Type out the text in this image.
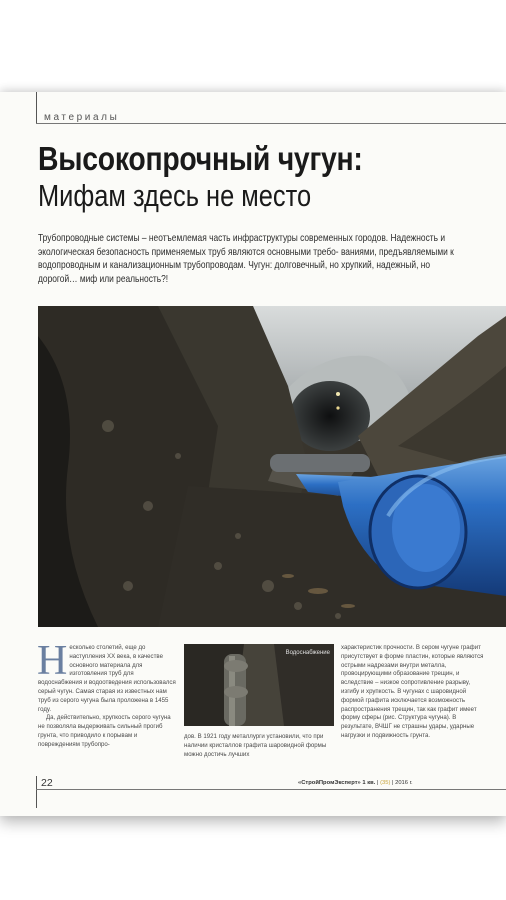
материалы
Высокопрочный чугун:
Мифам здесь не место
Трубопроводные системы – неотъемлемая часть инфраструктуры современных городов. Надежность и экологическая безопасность применяемых труб являются основными требо- ваниями, предъявляемыми к водопроводным и канализационным трубопроводам. Чугун: долговечный, но хрупкий, надежный, но дорогой… миф или реальность?!
Н есколько столетий, еще до наступления XX века, в качестве основного материала для изготовления труб для водоснабжения и водоотведения использовался серый чугун. Самая старая из известных нам труб из серого чугуна была проложена в 1455 году.
Да, действительно, хрупкость серого чугуна не позволяла выдерживать сильный прогиб грунта, что приводило к порывам и повреждениям трубопро-
Водоснабжение
дов. В 1921 году металлурги установили, что при наличии кристаллов графита шаровидной формы можно достичь лучших
характеристик прочности. В сером чугуне графит присутствует в форме пластин, которые являются острыми надрезами внутри металла, провоцирующими образование трещин, и вследствие – низкое сопротивление разрыву, изгибу и хрупкость. В чугунах с шаровидной формой графита исключается возможность распространения трещин, так как графит имеет форму сферы (рис. Структура чугуна). В результате, ВЧШГ не страшны удары, ударные нагрузки и подвижность грунта.
22	«СтройПромЭксперт» 1 кв. | (35) | 2016 г.
